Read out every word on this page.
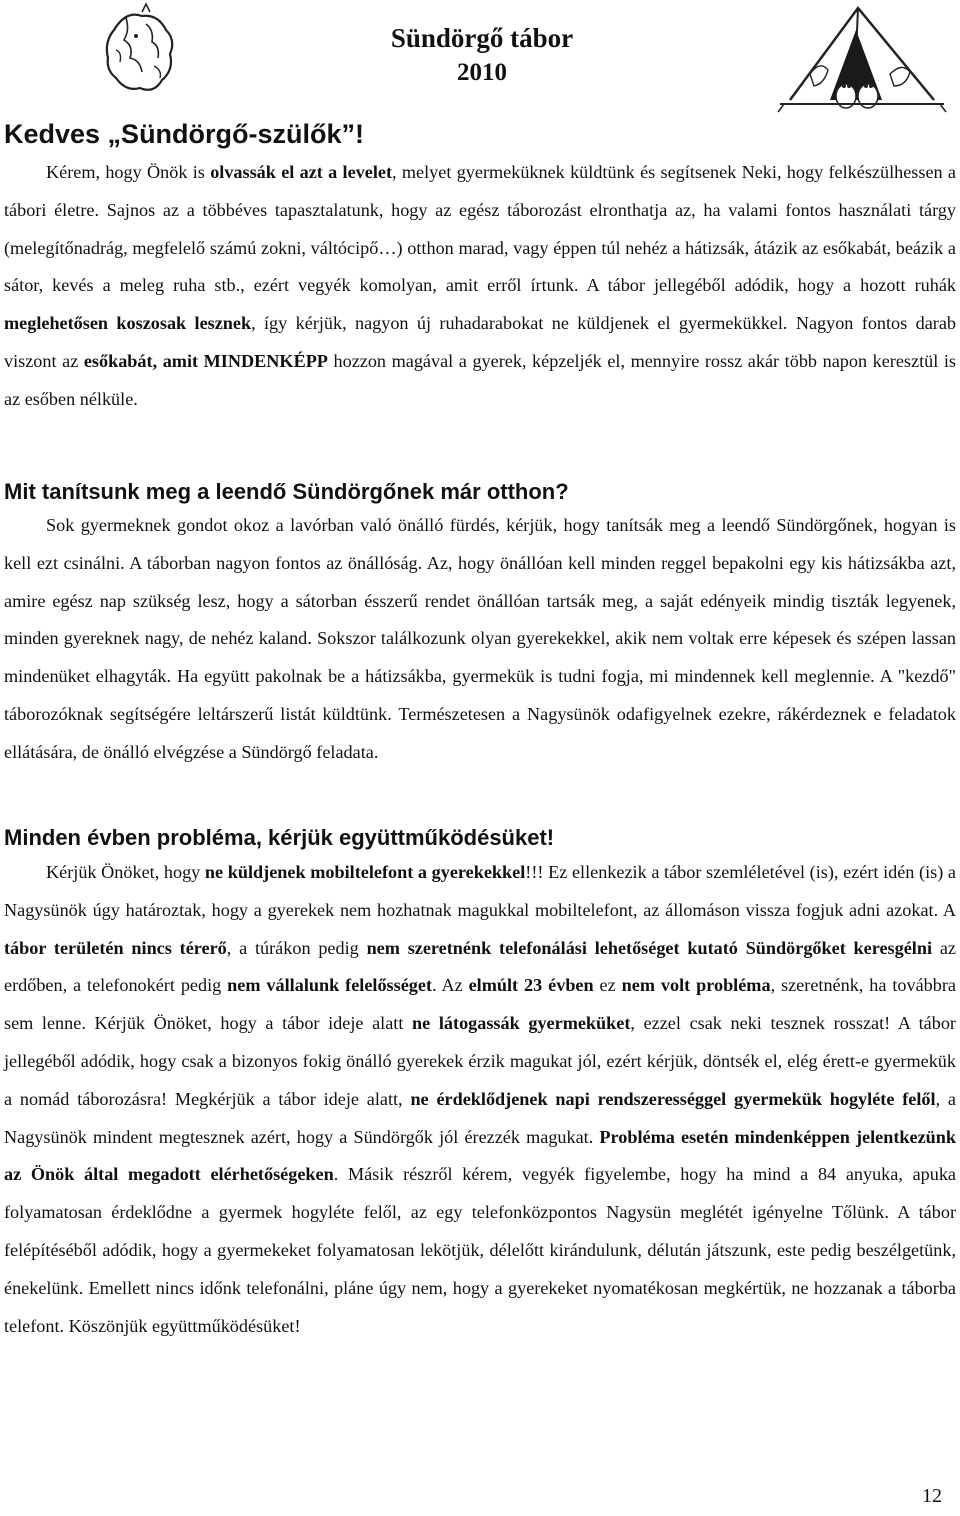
Sündörgő tábor
2010
Kedves „Sündörgő-szülők”!

Kérem, hogy Önök is olvassák el azt a levelet, melyet gyermeküknek küldtünk és segítsenek Neki, hogy felkészülhessen a tábori életre. Sajnos az a többéves tapasztalatunk, hogy az egész táborozást elronthatja az, ha valami fontos használati tárgy (melegítőnadrág, megfelelő számú zokni, váltócipő…) otthon marad, vagy éppen túl nehéz a hátizsák, átázik az esőkabát, beázik a sátor, kevés a meleg ruha stb., ezért vegyék komolyan, amit erről írtunk. A tábor jellegéből adódik, hogy a hozott ruhák meglehetősen koszosak lesznek, így kérjük, nagyon új ruhadarabokat ne küldjenek el gyermekükkel. Nagyon fontos darab viszont az esőkabát, amit MINDENKÉPP hozzon magával a gyerek, képzeljék el, mennyire rossz akár több napon keresztül is az esőben nélküle.

Mit tanítsunk meg a leendő Sündörgőnek már otthon?

Sok gyermeknek gondot okoz a lavórban való önálló fürdés, kérjük, hogy tanítsák meg a leendő Sündörgőnek, hogyan is kell ezt csinálni. A táborban nagyon fontos az önállóság. Az, hogy önállóan kell minden reggel bepakolni egy kis hátizsákba azt, amire egész nap szükség lesz, hogy a sátorban ésszerű rendet önállóan tartsák meg, a saját edényeik mindig tiszták legyenek, minden gyereknek nagy, de nehéz kaland. Sokszor találkozunk olyan gyerekekkel, akik nem voltak erre képesek és szépen lassan mindenüket elhagyták. Ha együtt pakolnak be a hátizsákba, gyermekük is tudni fogja, mi mindennek kell meglennie. A "kezdő" táborozóknak segítségére leltárszerű listát küldtünk. Természetesen a Nagysünök odafigyelnek ezekre, rákérdeznek e feladatok ellátására, de önálló elvégzése a Sündörgő feladata.

Minden évben probléma, kérjük együttműködésüket!

Kérjük Önöket, hogy ne küldjenek mobiltelefont a gyerekekkel!!! Ez ellenkezik a tábor szemléletével (is), ezért idén (is) a Nagysünök úgy határoztak, hogy a gyerekek nem hozhatnak magukkal mobiltelefont, az állomáson vissza fogjuk adni azokat. A tábor területén nincs térerő, a túrákon pedig nem szeretnénk telefonálási lehetőséget kutató Sündörgőket keresgélni az erdőben, a telefonokért pedig nem vállalunk felelősséget. Az elmúlt 23 évben ez nem volt probléma, szeretnénk, ha továbbra sem lenne. Kérjük Önöket, hogy a tábor ideje alatt ne látogassák gyermeküket, ezzel csak neki tesznek rosszat! A tábor jellegéből adódik, hogy csak a bizonyos fokig önálló gyerekek érzik magukat jól, ezért kérjük, döntsék el, elég érett-e gyermekük a nomád táborozásra! Megkérjük a tábor ideje alatt, ne érdeklődjenek napi rendszerességgel gyermekük hogyléte felől, a Nagysünök mindent megtesznek azért, hogy a Sündörgők jól érezzék magukat. Probléma esetén mindenképpen jelentkezünk az Önök által megadott elérhetőségeken. Másik részről kérem, vegyék figyelembe, hogy ha mind a 84 anyuka, apuka folyamatosan érdeklődne a gyermek hogyléte felől, az egy telefonközpontos Nagysün meglétét igényelne Tőlünk. A tábor felépítéséből adódik, hogy a gyermekeket folyamatosan lekötjük, délelőtt kirándulunk, délután játszunk, este pedig beszélgetünk, énekelünk. Emellett nincs időnk telefonálni, pláne úgy nem, hogy a gyerekeket nyomatékosan megkértük, ne hozzanak a táborba telefont. Köszönjük együttműködésüket!

12
